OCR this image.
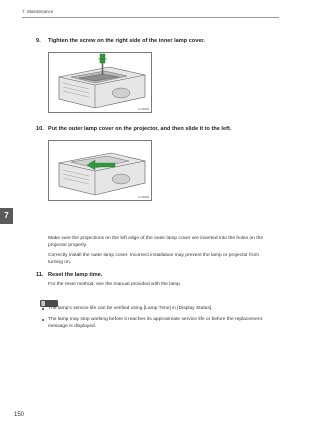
7. Maintenance
9. Tighten the screw on the right side of the inner lamp cover.
CUS035
10. Put the outer lamp cover on the projector, and then slide it to the left.
CUS036
7
Make sure the projections on the left edge of the outer lamp cover are inserted into the holes on the
projector properly.
Correctly install the outer lamp cover. Incorrect installation may prevent the lamp or projector from
turning on.
11. Reset the lamp time.
For the reset method, see the manual provided with the lamp.
Note
The lamp's service life can be verified using [Lamp Time] in [Display Status].
The lamp may stop working before it reaches its approximate service life or before the replacement
message is displayed.
150
